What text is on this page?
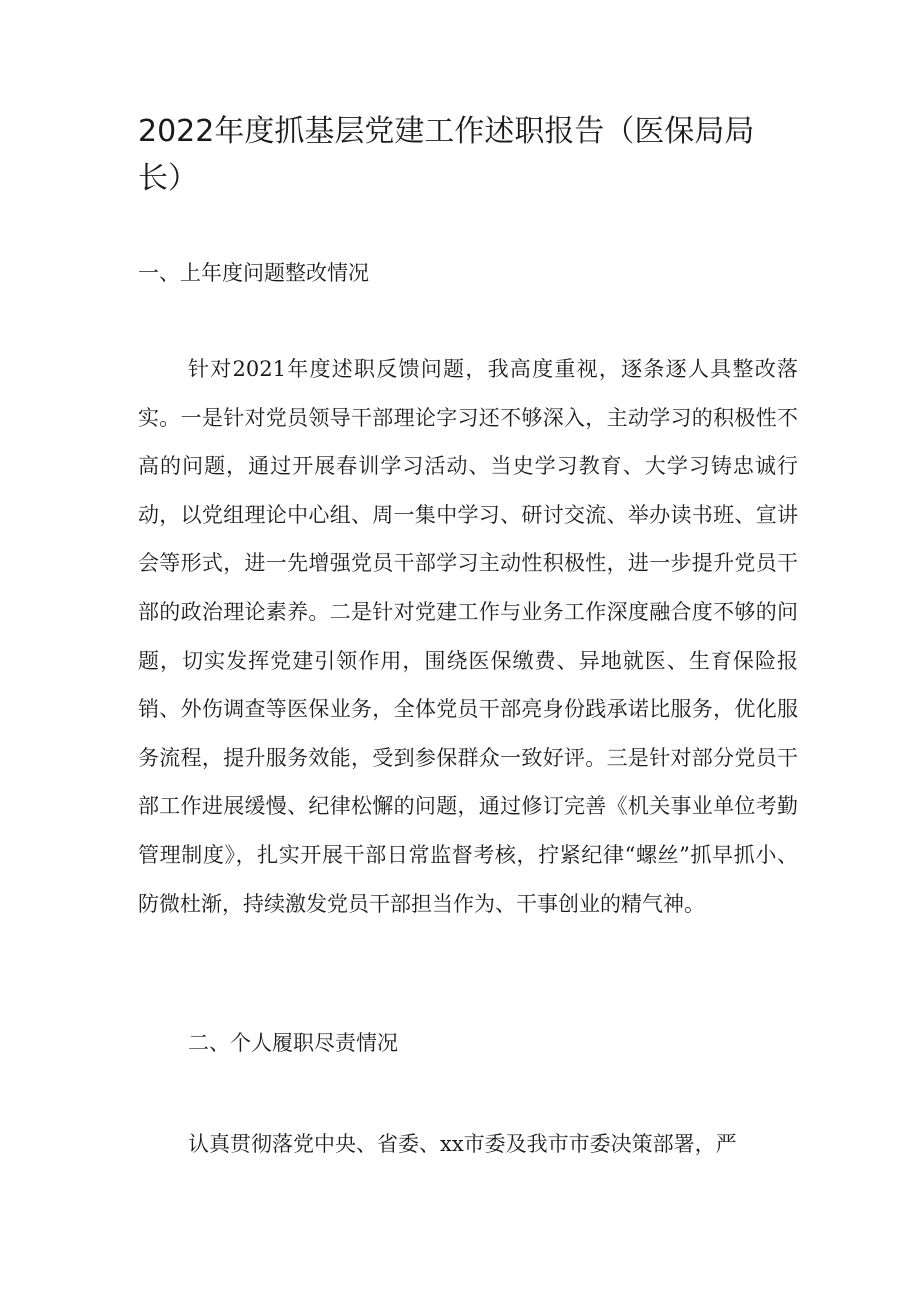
2022年度抓基层党建工作述职报告（医保局局长）
一、上年度问题整改情况

针对2021年度述职反馈问题，我高度重视，逐条逐人具整改落实。一是针对党员领导干部理论字习还不够深入，主动学习的积极性不高的问题，通过开展春训学习活动、当史学习教育、大学习铸忠诚行动，以党组理论中心组、周一集中学习、研讨交流、举办读书班、宣讲会等形式，进一先增强党员干部学习主动性积极性，进一步提升党员干部的政治理论素养。二是针对党建工作与业务工作深度融合度不够的问题，切实发挥党建引领作用，围绕医保缴费、异地就医、生育保险报销、外伤调查等医保业务，全体党员干部亮身份践承诺比服务，优化服务流程，提升服务效能，受到参保群众一致好评。三是针对部分党员干部工作进展缓慢、纪律松懈的问题，通过修订完善《机关事业单位考勤管理制度》，扎实开展干部日常监督考核，拧紧纪律“螺丝”抓早抓小、防微杜渐，持续激发党员干部担当作为、干事创业的精气神。

二、个人履职尽责情况

认真贯彻落党中央、省委、xx市委及我市市委决策部署，严
